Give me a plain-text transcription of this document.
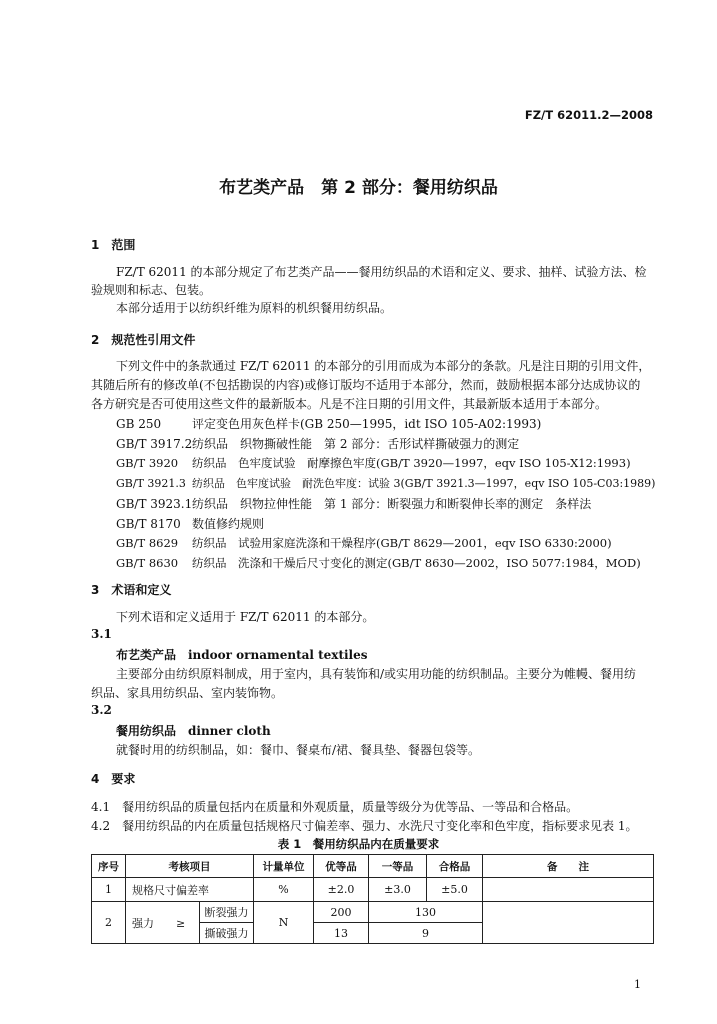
FZ/T 62011.2—2008
布艺类产品　第 2 部分：餐用纺织品
1　范围
FZ/T 62011 的本部分规定了布艺类产品——餐用纺织品的术语和定义、要求、抽样、试验方法、检
验规则和标志、包装。
本部分适用于以纺织纤维为原料的机织餐用纺织品。
2　规范性引用文件
下列文件中的条款通过 FZ/T 62011 的本部分的引用而成为本部分的条款。凡是注日期的引用文件，
其随后所有的修改单(不包括勘误的内容)或修订版均不适用于本部分，然而，鼓励根据本部分达成协议的
各方研究是否可使用这些文件的最新版本。凡是不注日期的引用文件，其最新版本适用于本部分。
GB 250	评定变色用灰色样卡(GB 250—1995，idt ISO 105-A02:1993)
GB/T 3917.2纺织品　织物撕破性能　第 2 部分：舌形试样撕破强力的测定
GB/T 3920 纺织品　色牢度试验　耐摩擦色牢度(GB/T 3920—1997，eqv ISO 105-X12:1993)
GB/T 3921.3 纺织品　色牢度试验　耐洗色牢度：试验 3(GB/T 3921.3—1997，eqv ISO 105-C03:1989)
GB/T 3923.1纺织品　织物拉伸性能　第 1 部分：断裂强力和断裂伸长率的测定　条样法
GB/T 8170 数值修约规则
GB/T 8629 纺织品　试验用家庭洗涤和干燥程序(GB/T 8629—2001，eqv ISO 6330:2000)
GB/T 8630 纺织品　洗涤和干燥后尺寸变化的测定(GB/T 8630—2002，ISO 5077:1984，MOD)
3　术语和定义
下列术语和定义适用于 FZ/T 62011 的本部分。
3.1
布艺类产品　indoor ornamental textiles
主要部分由纺织原料制成，用于室内，具有装饰和/或实用功能的纺织制品。主要分为帷幔、餐用纺
织品、家具用纺织品、室内装饰物。
3.2
餐用纺织品　dinner cloth
就餐时用的纺织制品，如：餐巾、餐桌布/裙、餐具垫、餐器包袋等。
4　要求
4.1　餐用纺织品的质量包括内在质量和外观质量，质量等级分为优等品、一等品和合格品。
4.2　餐用纺织品的内在质量包括规格尺寸偏差率、强力、水洗尺寸变化率和色牢度，指标要求见表 1。
表 1　餐用纺织品内在质量要求
序号	考核项目		计量单位	优等品	一等品	合格品	备　　注
1	规格尺寸偏差率		%	±2.0	±3.0	±5.0	
2	强力　　 ≥	断裂强力	N	200	130		
		撕破强力		13	9		
1
